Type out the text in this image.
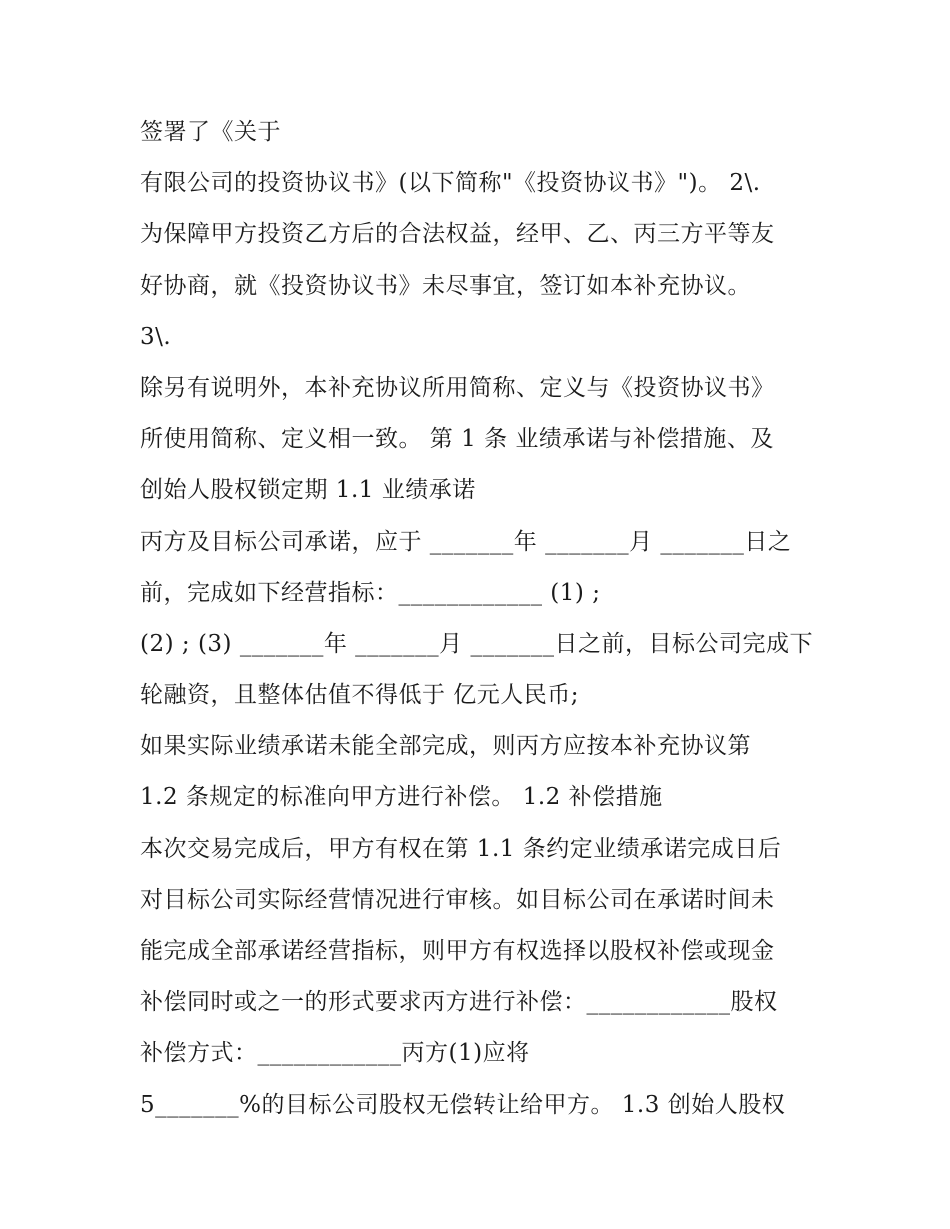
签署了《关于
有限公司的投资协议书》(以下简称"《投资协议书》")。 2\.
为保障甲方投资乙方后的合法权益，经甲、乙、丙三方平等友
好协商，就《投资协议书》未尽事宜，签订如本补充协议。
3\.
除另有说明外，本补充协议所用简称、定义与《投资协议书》
所使用简称、定义相一致。 第 1 条 业绩承诺与补偿措施、及
创始人股权锁定期 1.1 业绩承诺
丙方及目标公司承诺，应于 _______年 _______月 _______日之
前，完成如下经营指标：____________ (1) ;
(2) ; (3) _______年 _______月 _______日之前，目标公司完成下
轮融资，且整体估值不得低于 亿元人民币;
如果实际业绩承诺未能全部完成，则丙方应按本补充协议第
1.2 条规定的标准向甲方进行补偿。 1.2 补偿措施
本次交易完成后，甲方有权在第 1.1 条约定业绩承诺完成日后
对目标公司实际经营情况进行审核。如目标公司在承诺时间未
能完成全部承诺经营指标，则甲方有权选择以股权补偿或现金
补偿同时或之一的形式要求丙方进行补偿：____________股权
补偿方式：____________丙方(1)应将
5_______%的目标公司股权无偿转让给甲方。 1.3 创始人股权
